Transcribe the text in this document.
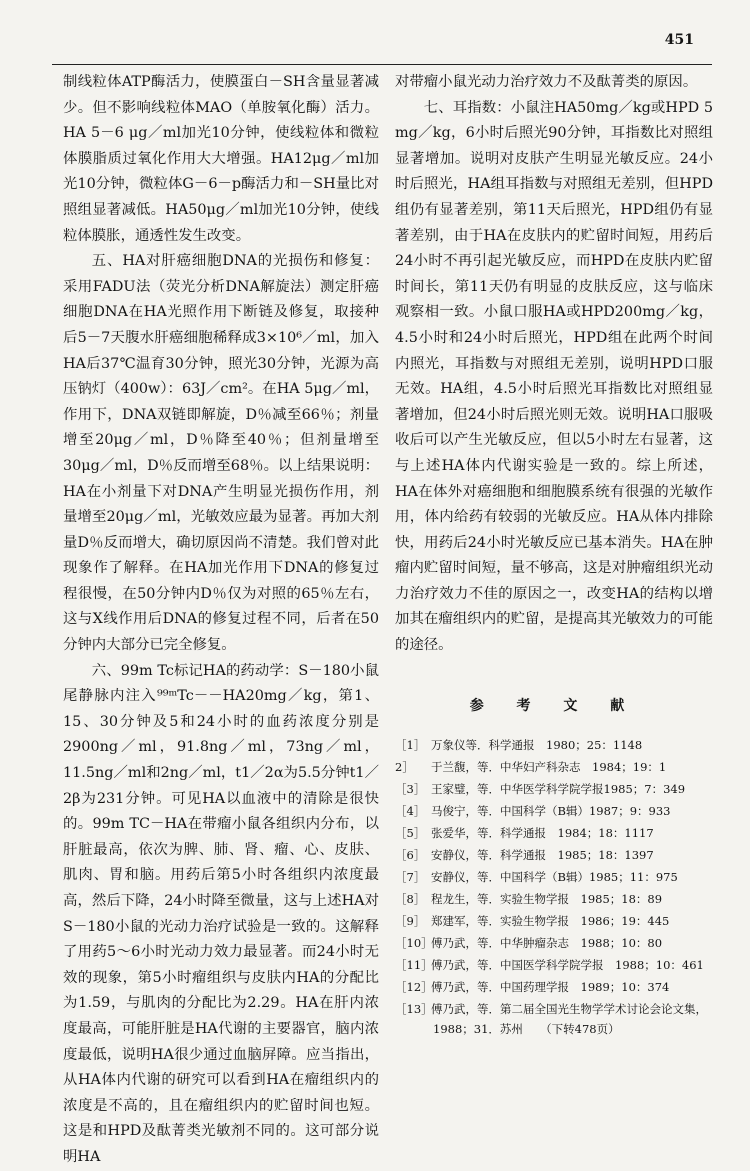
451

制线粒体ATP酶活力，使膜蛋白－SH含量显著减少。但不影响线粒体MAO（单胺氧化酶）活力。HA 5－6 μg／ml加光10分钟，使线粒体和微粒体膜脂质过氧化作用大大增强。HA12μg／ml加光10分钟，微粒体G－6－p酶活力和－SH量比对照组显著减低。HA50μg／ml加光10分钟，使线粒体膜胀，通透性发生改变。

五、HA对肝癌细胞DNA的光损伤和修复：采用FADU法（荧光分析DNA解旋法）测定肝癌细胞DNA在HA光照作用下断链及修复，取接种后5－7天腹水肝癌细胞稀释成3×10⁶／ml，加入HA后37℃温育30分钟，照光30分钟，光源为高压钠灯（400w）：63J／cm²。在HA 5μg／ml，作用下，DNA双链即解旋，D％减至66％；剂量增至20μg／ml，D％降至40％；但剂量增至30μg／ml，D％反而增至68％。以上结果说明：HA在小剂量下对DNA产生明显光损伤作用，剂量增至20μg／ml，光敏效应最为显著。再加大剂量D％反而增大，确切原因尚不清楚。我们曾对此现象作了解释。在HA加光作用下DNA的修复过程很慢，在50分钟内D％仅为对照的65％左右，这与X线作用后DNA的修复过程不同，后者在50分钟内大部分已完全修复。

六、99m Tc标记HA的药动学：S－180小鼠尾静脉内注入⁹⁹ᵐTc－－HA20mg／kg，第1、15、30分钟及5和24小时的血药浓度分别是2900ng／ml，91.8ng／ml，73ng／ml，11.5ng／ml和2ng／ml，t1／2α为5.5分钟t1／2β为231分钟。可见HA以血液中的清除是很快的。99m TC－HA在带瘤小鼠各组织内分布，以肝脏最高，依次为脾、肺、肾、瘤、心、皮肤、肌肉、胃和脑。用药后第5小时各组织内浓度最高，然后下降，24小时降至微量，这与上述HA对S－180小鼠的光动力治疗试验是一致的。这解释了用药5～6小时光动力效力最显著。而24小时无效的现象，第5小时瘤组织与皮肤内HA的分配比为1.59，与肌肉的分配比为2.29。HA在肝内浓度最高，可能肝脏是HA代谢的主要器官，脑内浓度最低，说明HA很少通过血脑屏障。应当指出，从HA体内代谢的研究可以看到HA在瘤组织内的浓度是不高的，且在瘤组织内的贮留时间也短。这是和HPD及酞菁类光敏剂不同的。这可部分说明HA

对带瘤小鼠光动力治疗效力不及酞菁类的原因。

七、耳指数：小鼠注HA50mg／kg或HPD 5 mg／kg，6小时后照光90分钟，耳指数比对照组显著增加。说明对皮肤产生明显光敏反应。24小时后照光，HA组耳指数与对照组无差别，但HPD组仍有显著差别，第11天后照光，HPD组仍有显著差别，由于HA在皮肤内的贮留时间短，用药后24小时不再引起光敏反应，而HPD在皮肤内贮留时间长，第11天仍有明显的皮肤反应，这与临床观察相一致。小鼠口服HA或HPD200mg／kg，4.5小时和24小时后照光，HPD组在此两个时间内照光，耳指数与对照组无差别，说明HPD口服无效。HA组，4.5小时后照光耳指数比对照组显著增加，但24小时后照光则无效。说明HA口服吸收后可以产生光敏反应，但以5小时左右显著，这与上述HA体内代谢实验是一致的。综上所述，HA在体外对癌细胞和细胞膜系统有很强的光敏作用，体内给药有较弱的光敏反应。HA从体内排除快，用药后24小时光敏反应已基本消失。HA在肿瘤内贮留时间短，量不够高，这是对肿瘤组织光动力治疗效力不佳的原因之一，改变HA的结构以增加其在瘤组织内的贮留，是提高其光敏效力的可能的途径。

参 考 文 献
［1］ 万象仪等．科学通报　1980；25：1148
2］ 于兰馥，等．中华妇产科杂志　1984；19：1
［3］ 王家璧，等．中华医学科学院学报1985；7：349
［4］ 马俊宁，等．中国科学（B辑）1987；9：933
［5］ 张爱华，等．科学通报　1984；18：1117
［6］ 安静仪，等．科学通报　1985；18：1397
［7］ 安静仪，等．中国科学（B辑）1985；11：975
［8］ 程龙生，等．实验生物学报　1985；18：89
［9］ 郑建军，等．实验生物学报　1986；19：445
［10］傅乃武，等．中华肿瘤杂志　1988；10：80
［11］傅乃武，等．中国医学科学院学报　1988；10：461
［12］傅乃武，等．中国药理学报　1989；10：374
［13］傅乃武，等．第二届全国光生物学学术讨论会论文集，1988；31．苏州　　（下转478页）
